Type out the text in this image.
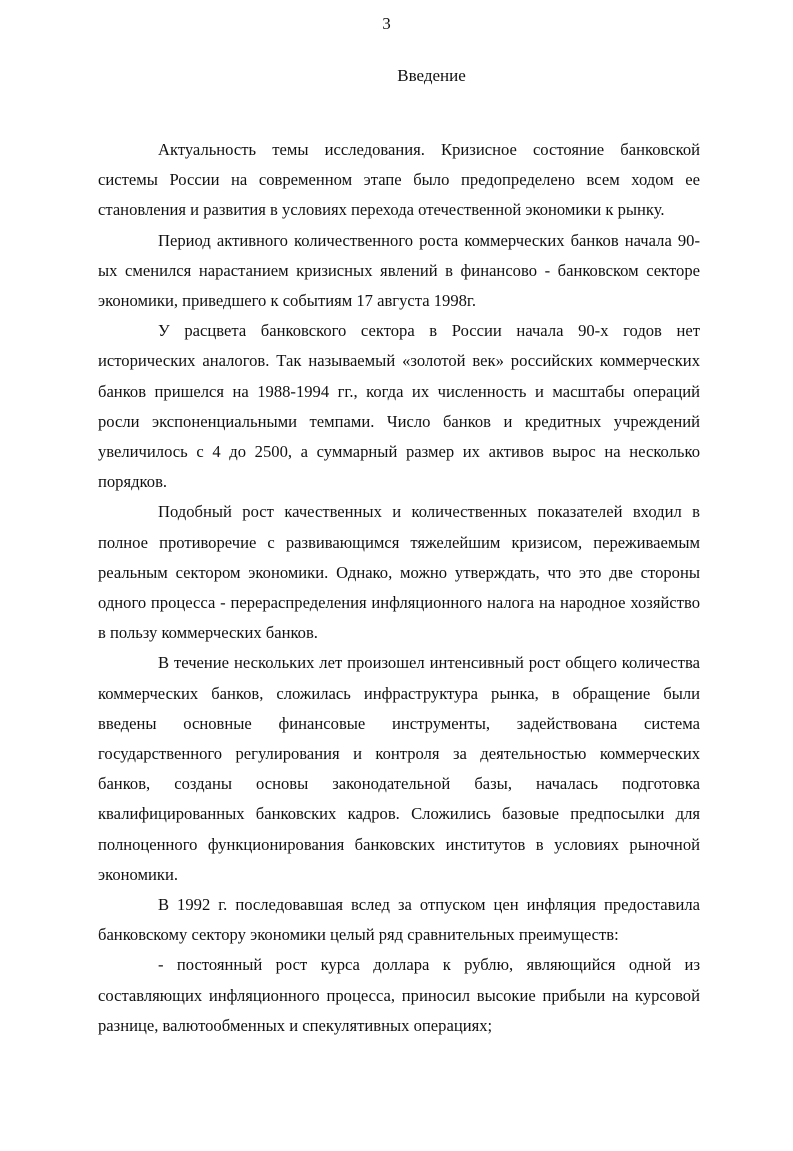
3
Введение

Актуальность темы исследования. Кризисное состояние банковской системы России на современном этапе было предопределено всем ходом ее становления и развития в условиях перехода отечественной экономики к рынку.

Период активного количественного роста коммерческих банков начала 90-ых сменился нарастанием кризисных явлений в финансово - банковском секторе экономики, приведшего к событиям 17 августа 1998г.

У расцвета банковского сектора в России начала 90-х годов нет исторических аналогов. Так называемый «золотой век» российских коммерческих банков пришелся на 1988-1994 гг., когда их численность и масштабы операций росли экспоненциальными темпами. Число банков и кредитных учреждений увеличилось с 4 до 2500, а суммарный размер их активов вырос на несколько порядков.

Подобный рост качественных и количественных показателей входил в полное противоречие с развивающимся тяжелейшим кризисом, переживаемым реальным сектором экономики. Однако, можно утверждать, что это две стороны одного процесса - перераспределения инфляционного налога на народное хозяйство в пользу коммерческих банков.

В течение нескольких лет произошел интенсивный рост общего количества коммерческих банков, сложилась инфраструктура рынка, в обращение были введены основные финансовые инструменты, задействована система государственного регулирования и контроля за деятельностью коммерческих банков, созданы основы законодательной базы, началась подготовка квалифицированных банковских кадров. Сложились базовые предпосылки для полноценного функционирования банковских институтов в условиях рыночной экономики.

В 1992 г. последовавшая вслед за отпуском цен инфляция предоставила банковскому сектору экономики целый ряд сравнительных преимуществ:

- постоянный рост курса доллара к рублю, являющийся одной из составляющих инфляционного процесса, приносил высокие прибыли на курсовой разнице, валютообменных и спекулятивных операциях;
